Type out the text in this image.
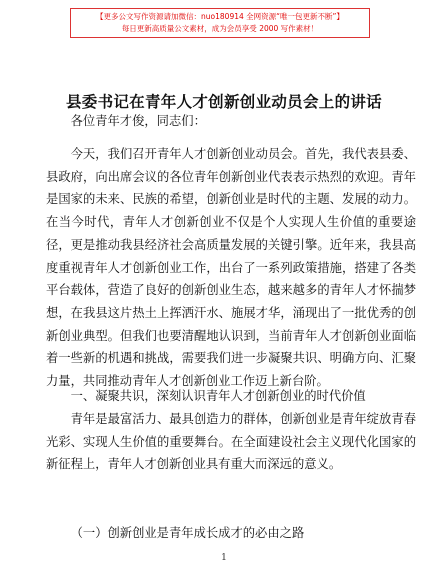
【更多公文写作资源请加微信：nuo180914 全网资源“唯一包更新不断”】
每日更新高质量公文素材，成为会员享受 2000 写作素材！
县委书记在青年人才创新创业动员会上的讲话

各位青年才俊，同志们：

今天，我们召开青年人才创新创业动员会。首先，我代表县委、县政府，向出席会议的各位青年创新创业代表表示热烈的欢迎。青年是国家的未来、民族的希望，创新创业是时代的主题、发展的动力。在当今时代，青年人才创新创业不仅是个人实现人生价值的重要途径，更是推动我县经济社会高质量发展的关键引擎。近年来，我县高度重视青年人才创新创业工作，出台了一系列政策措施，搭建了各类平台载体，营造了良好的创新创业生态，越来越多的青年人才怀揣梦想，在我县这片热土上挥洒汗水、施展才华，涌现出了一批优秀的创新创业典型。但我们也要清醒地认识到，当前青年人才创新创业面临着一些新的机遇和挑战，需要我们进一步凝聚共识、明确方向、汇聚力量，共同推动青年人才创新创业工作迈上新台阶。

一、凝聚共识，深刻认识青年人才创新创业的时代价值

青年是最富活力、最具创造力的群体，创新创业是青年绽放青春光彩、实现人生价值的重要舞台。在全面建设社会主义现代化国家的新征程上，青年人才创新创业具有重大而深远的意义。

（一）创新创业是青年成长成才的必由之路

1
